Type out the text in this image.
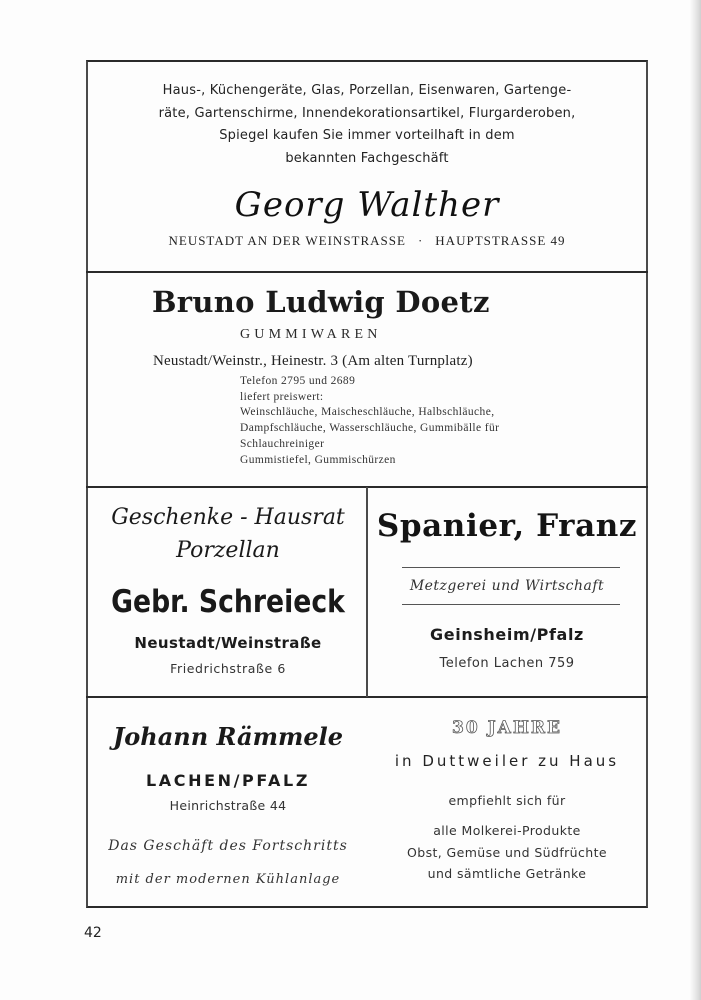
Haus-, Küchengeräte, Glas, Porzellan, Eisenwaren, Gartenge-
räte, Gartenschirme, Innendekorationsartikel, Flurgarderoben,
Spiegel kaufen Sie immer vorteilhaft in dem
bekannten Fachgeschäft
Georg Walther
NEUSTADT AN DER WEINSTRASSE · HAUPTSTRASSE 49
Bruno Ludwig Doetz
GUMMIWAREN
Neustadt/Weinstr., Heinestr. 3 (Am alten Turnplatz)
Telefon 2795 und 2689
liefert preiswert:
Weinschläuche, Maischeschläuche, Halbschläuche,
Dampfschläuche, Wasserschläuche, Gummibälle für
Schlauchreiniger
Gummistiefel, Gummischürzen
Geschenke - Hausrat
Porzellan
Gebr. Schreieck
Neustadt/Weinstraße
Friedrichstraße 6
Spanier, Franz
Metzgerei und Wirtschaft
Geinsheim/Pfalz
Telefon Lachen 759
Johann Rämmele
LACHEN/PFALZ
Heinrichstraße 44
Das Geschäft des Fortschritts
mit der modernen Kühlanlage
30 JAHRE
in Duttweiler zu Haus
empfiehlt sich für
alle Molkerei-Produkte
Obst, Gemüse und Südfrüchte
und sämtliche Getränke
42
